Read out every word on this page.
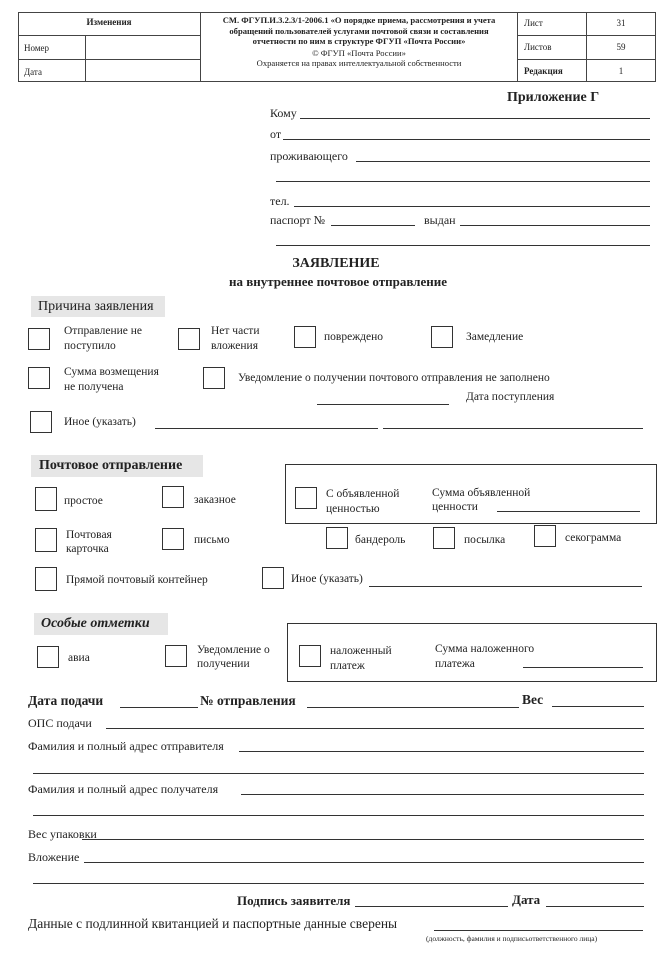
Изменения
Номер
Дата
СМ. ФГУП.И.3.2.3/1-2006.1 «О порядке приема, рассмотрения и учета обращений пользователей услугами почтовой связи и составления отчетности по ним в структуре ФГУП «Почта России»
© ФГУП «Почта России»
Охраняется на правах интеллектуальной собственности
Лист	31
Листов	59
Редакция	1
Приложение Г
Кому
от
проживающего
тел.
паспорт №	выдан
ЗАЯВЛЕНИЕ
на внутреннее почтовое отправление
Причина заявления
Отправление не
поступило
Нет части
вложения
повреждено	Замедление
Сумма возмещения
не получена
Уведомление о получении почтового отправления не заполнено
Дата поступления
Иное (указать)
Почтовое отправление
простое	заказное	С объявленной
ценностью
Сумма объявленной
ценности
Почтовая
карточка
письмо	бандероль	посылка	секограмма
Прямой почтовый контейнер	Иное (указать)
Особые отметки
авиа
Уведомление о
получении
наложенный
платеж
Сумма наложенного
платежа
Дата подачи	№ отправления	Вес
ОПС подачи
Фамилия и полный адрес отправителя
Фамилия и полный адрес получателя
Вес упаковки
Вложение
Подпись заявителя	Дата
Данные с подлинной квитанцией и паспортные данные сверены
(должность, фамилия и подписьответственного лица)
